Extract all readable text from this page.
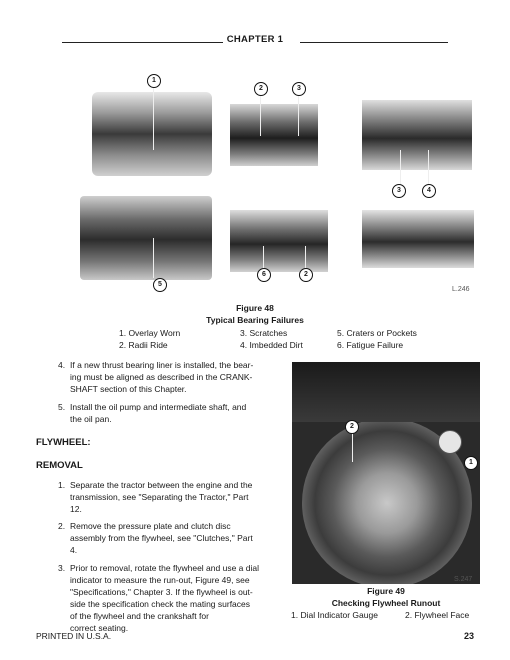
CHAPTER 1
1
2	3
3	4
5
6	2
L.246
Figure 48
Typical Bearing Failures
1. Overlay Worn	3. Scratches	5. Craters or Pockets
2. Radii Ride	4. Imbedded Dirt	6. Fatigue Failure
4. If a new thrust bearing liner is installed, the bear-
ing must be aligned as described in the CRANK-
SHAFT section of this Chapter.
5. Install the oil pump and intermediate shaft, and
the oil pan.
FLYWHEEL:
REMOVAL
1. Separate the tractor between the engine and the
transmission, see "Separating the Tractor," Part
12.
2. Remove the pressure plate and clutch disc
assembly from the flywheel, see "Clutches," Part
4.
3. Prior to removal, rotate the flywheel and use a dial
indicator to measure the run-out, Figure 49, see
"Specifications," Chapter 3. If the flywheel is out-
side the specification check the mating surfaces
of the flywheel and the crankshaft for
correct seating.
2
1
S.247
Figure 49
Checking Flywheel Runout
1. Dial Indicator Gauge	2. Flywheel Face
PRINTED IN U.S.A.	23
